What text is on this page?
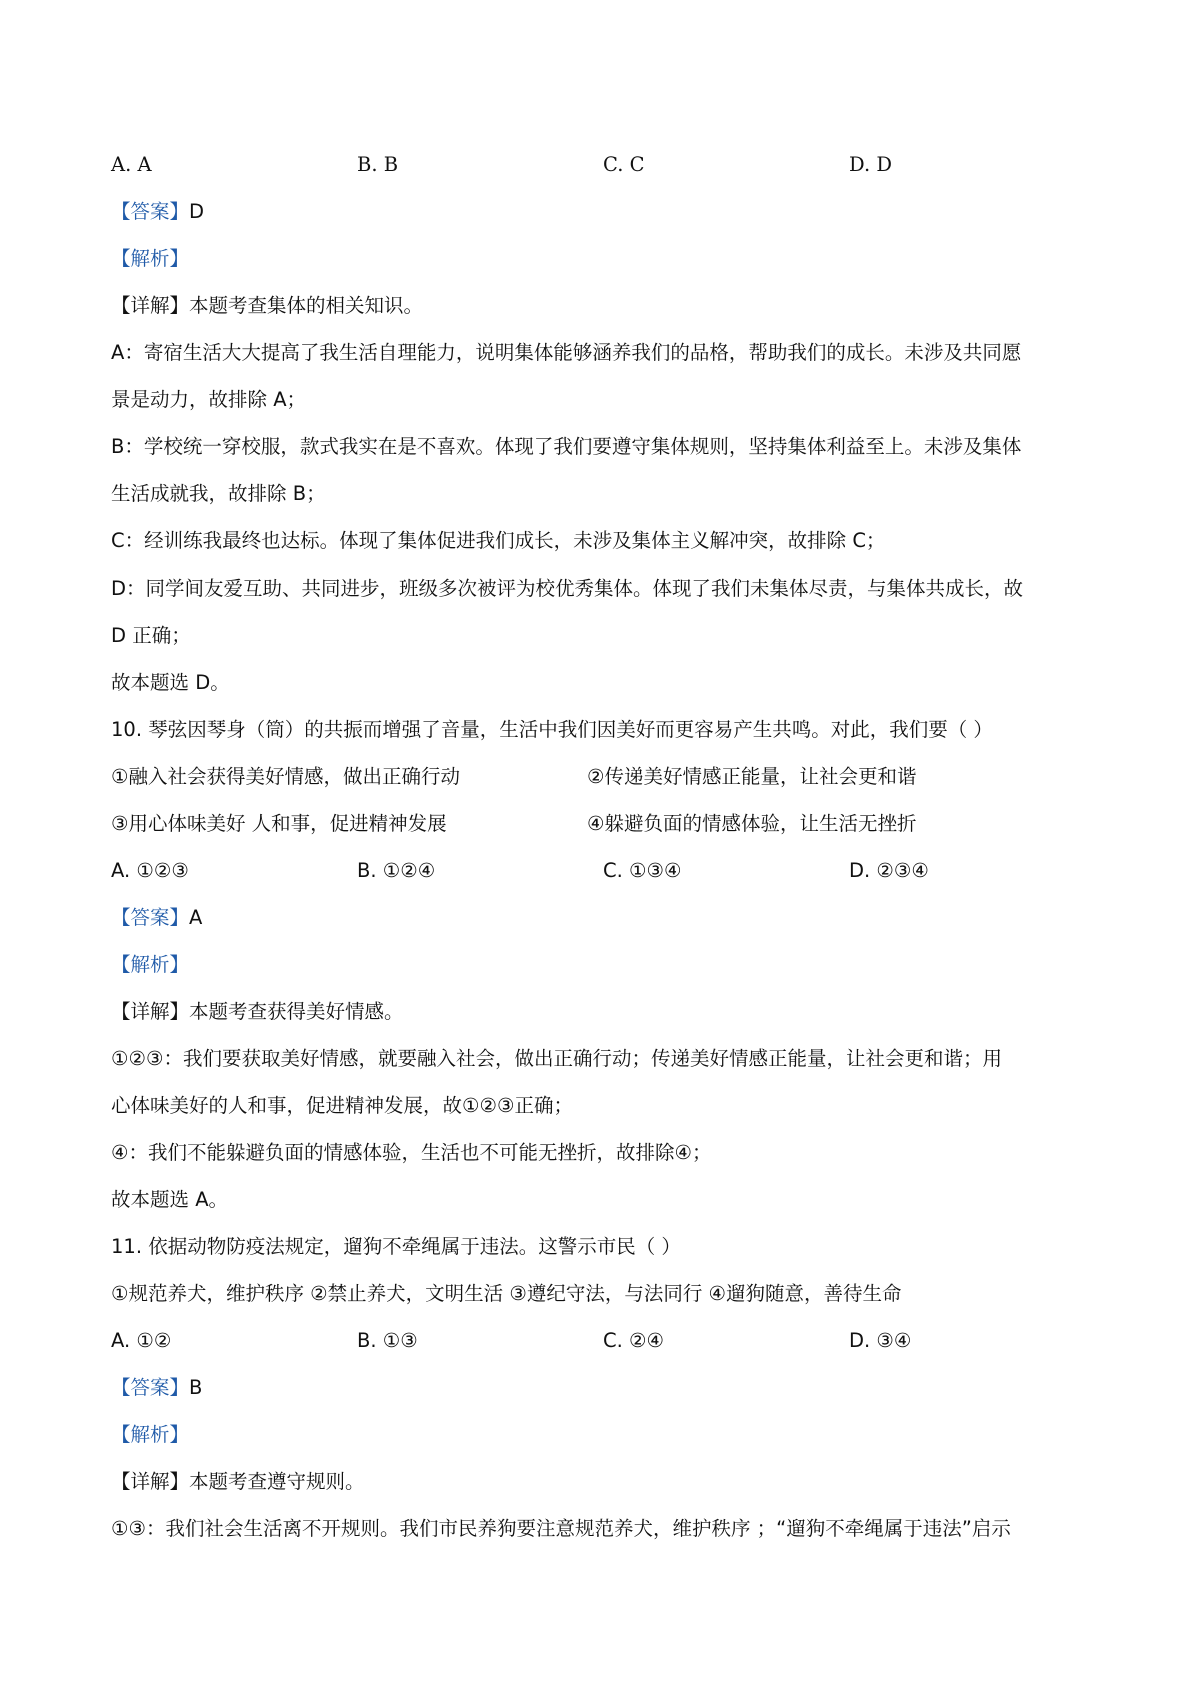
A. A	B. B	C. C	D. D
【答案】D
【解析】
【详解】本题考查集体的相关知识。
A：寄宿生活大大提高了我生活自理能力，说明集体能够涵养我们的品格，帮助我们的成长。未涉及共同愿
景是动力，故排除 A；
B：学校统一穿校服，款式我实在是不喜欢。体现了我们要遵守集体规则，坚持集体利益至上。未涉及集体
生活成就我，故排除 B；
C：经训练我最终也达标。体现了集体促进我们成长，未涉及集体主义解冲突，故排除 C；
D：同学间友爱互助、共同进步，班级多次被评为校优秀集体。体现了我们未集体尽责，与集体共成长，故
D 正确；
故本题选 D。
10. 琴弦因琴身（筒）的共振而增强了音量，生活中我们因美好而更容易产生共鸣。对此，我们要（ ）
①融入社会获得美好情感，做出正确行动	②传递美好情感正能量，让社会更和谐
③用心体味美好 人和事，促进精神发展	④躲避负面的情感体验，让生活无挫折
A. ①②③	B. ①②④	C. ①③④	D. ②③④
【答案】A
【解析】
【详解】本题考查获得美好情感。
①②③：我们要获取美好情感，就要融入社会，做出正确行动；传递美好情感正能量，让社会更和谐；用
心体味美好的人和事，促进精神发展，故①②③正确；
④：我们不能躲避负面的情感体验，生活也不可能无挫折，故排除④；
故本题选 A。
11. 依据动物防疫法规定，遛狗不牵绳属于违法。这警示市民（ ）
①规范养犬，维护秩序 ②禁止养犬，文明生活 ③遵纪守法，与法同行 ④遛狗随意，善待生命
A. ①②	B. ①③	C. ②④	D. ③④
【答案】B
【解析】
【详解】本题考查遵守规则。
①③：我们社会生活离不开规则。我们市民养狗要注意规范养犬，维护秩序 ；“遛狗不牵绳属于违法”启示
